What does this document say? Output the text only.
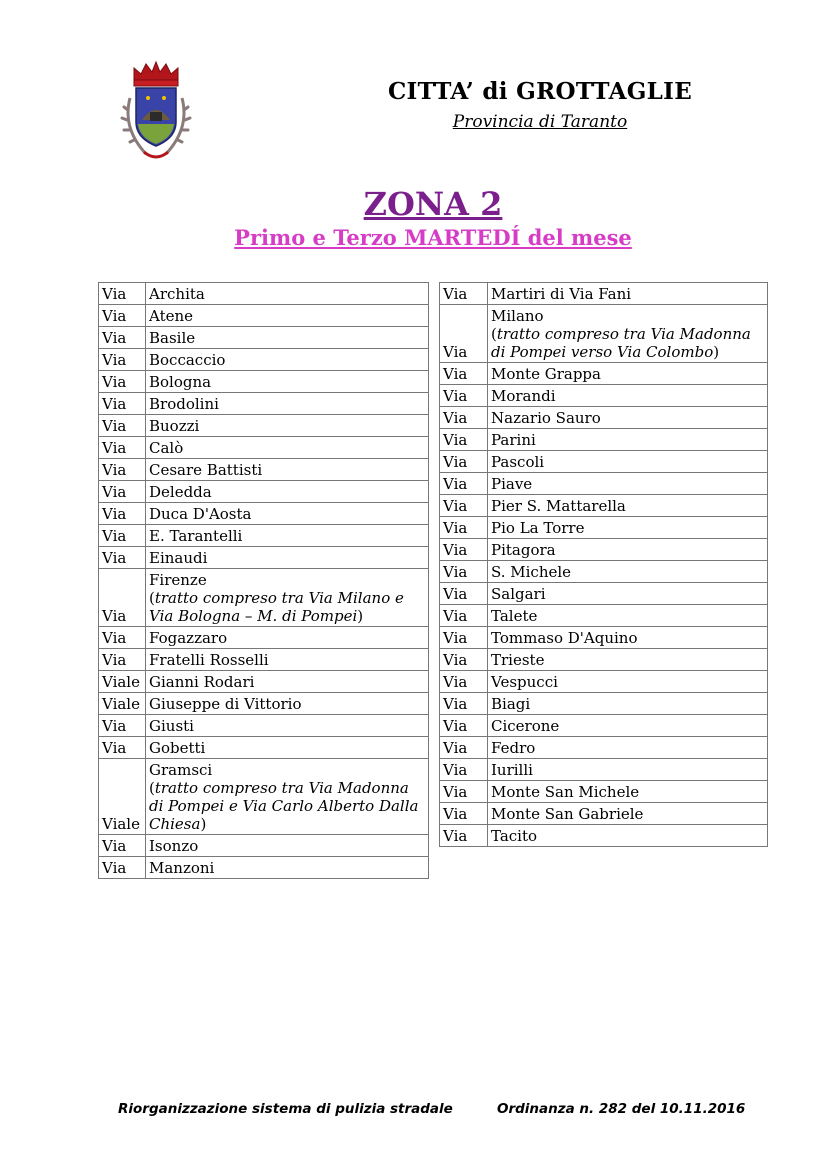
CITTA’ di GROTTAGLIE
Provincia di Taranto
ZONA 2
Primo e Terzo MARTEDÍ del mese
Via	Archita
Via	Atene
Via	Basile
Via	Boccaccio
Via	Bologna
Via	Brodolini
Via	Buozzi
Via	Calò
Via	Cesare Battisti
Via	Deledda
Via	Duca D'Aosta
Via	E. Tarantelli
Via	Einaudi
Via	Firenze
(tratto compreso tra Via Milano e Via Bologna – M. di Pompei)
Via	Fogazzaro
Via	Fratelli Rosselli
Viale	Gianni Rodari
Viale	Giuseppe di Vittorio
Via	Giusti
Via	Gobetti
Viale	Gramsci
(tratto compreso tra Via Madonna di Pompei e Via Carlo Alberto Dalla Chiesa)
Via	Isonzo
Via	Manzoni
Via	Martiri di Via Fani
Via	Milano
(tratto compreso tra Via Madonna di Pompei verso Via Colombo)
Via	Monte Grappa
Via	Morandi
Via	Nazario Sauro
Via	Parini
Via	Pascoli
Via	Piave
Via	Pier S. Mattarella
Via	Pio La Torre
Via	Pitagora
Via	S. Michele
Via	Salgari
Via	Talete
Via	Tommaso D'Aquino
Via	Trieste
Via	Vespucci
Via	Biagi
Via	Cicerone
Via	Fedro
Via	Iurilli
Via	Monte San Michele
Via	Monte San Gabriele
Via	Tacito
Riorganizzazione sistema di pulizia stradale	Ordinanza n. 282 del 10.11.2016
